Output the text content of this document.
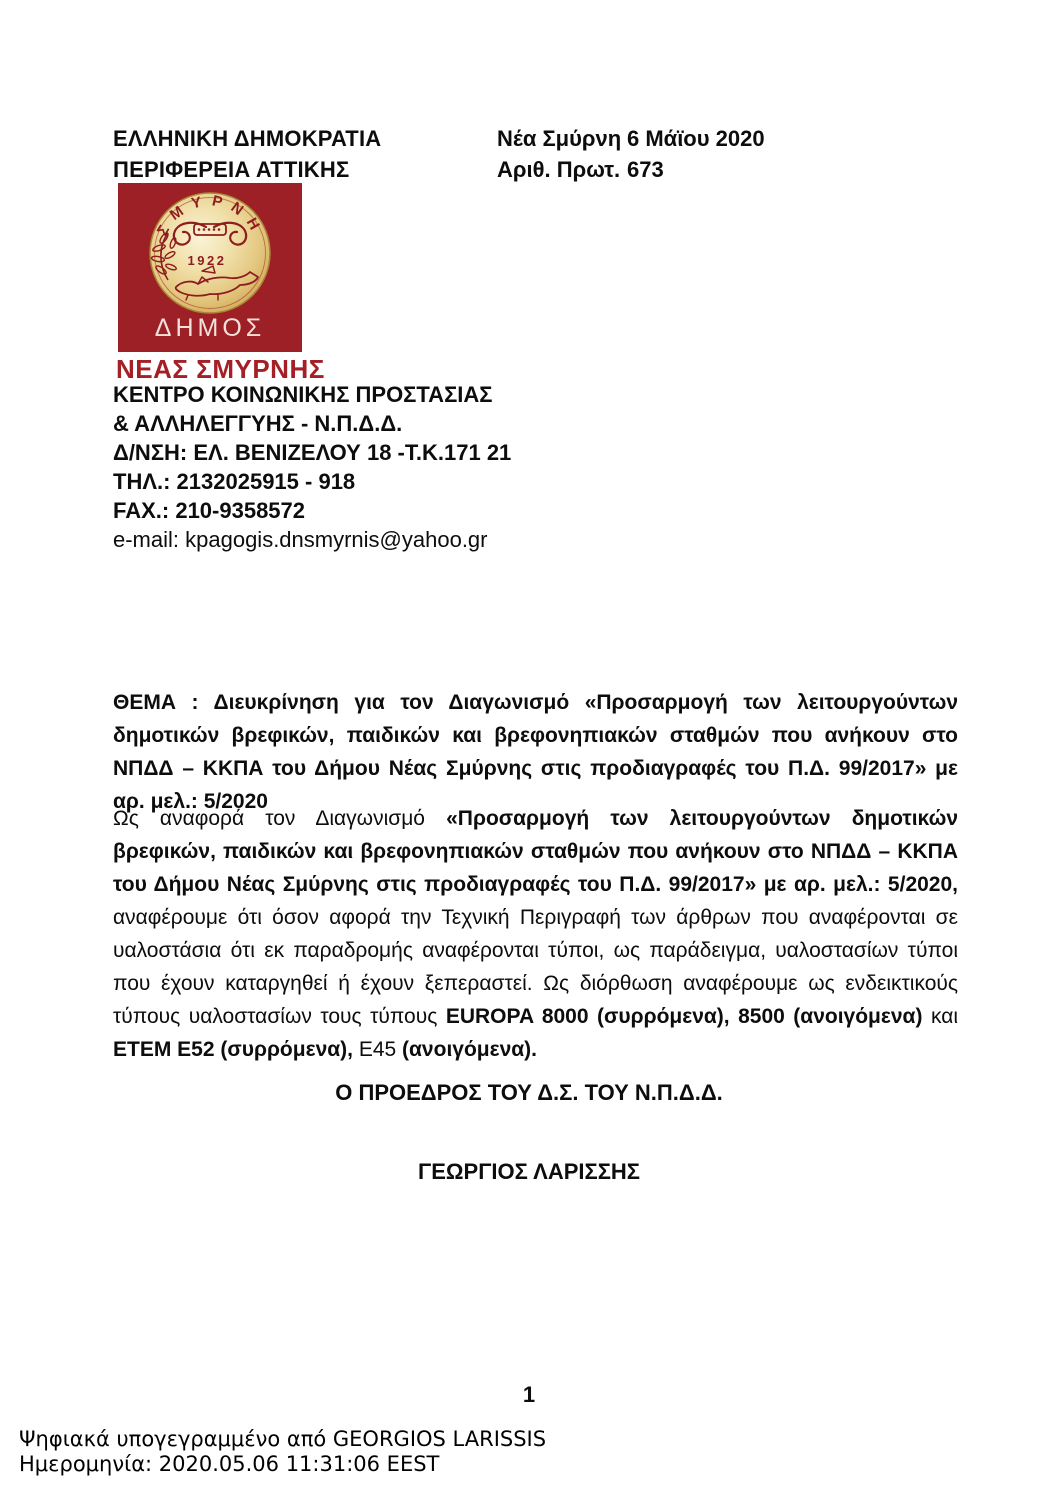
ΕΛΛΗΝΙΚΗ ΔΗΜΟΚΡΑΤΙΑ
ΠΕΡΙΦΕΡΕΙΑ ΑΤΤΙΚΗΣ
Νέα Σμύρνη 6 Μάϊου 2020
Αριθ. Πρωτ. 673
ΣΜΥΡΝΗ
1922
ΔΗΜΟΣ
ΝΕΑΣ ΣΜΥΡΝΗΣ
ΚΕΝΤΡΟ ΚΟΙΝΩΝΙΚΗΣ ΠΡΟΣΤΑΣΙΑΣ
& ΑΛΛΗΛΕΓΓΥΗΣ - Ν.Π.Δ.Δ.
Δ/ΝΣΗ: ΕΛ. ΒΕΝΙΖΕΛΟΥ 18 -Τ.Κ.171 21
ΤΗΛ.: 2132025915 - 918
FAX.: 210-9358572
e-mail: kpagogis.dnsmyrnis@yahoo.gr

ΘΕΜΑ : Διευκρίνηση για τον Διαγωνισμό «Προσαρμογή των λειτουργούντων δημοτικών βρεφικών, παιδικών και βρεφονηπιακών σταθμών που ανήκουν στο ΝΠΔΔ – ΚΚΠΑ του Δήμου Νέας Σμύρνης στις προδιαγραφές του Π.Δ. 99/2017» με αρ. μελ.: 5/2020

Ως αναφορά τον Διαγωνισμό «Προσαρμογή των λειτουργούντων δημοτικών βρεφικών, παιδικών και βρεφονηπιακών σταθμών που ανήκουν στο ΝΠΔΔ – ΚΚΠΑ του Δήμου Νέας Σμύρνης στις προδιαγραφές του Π.Δ. 99/2017» με αρ. μελ.: 5/2020, αναφέρουμε ότι όσον αφορά την Τεχνική Περιγραφή των άρθρων που αναφέρονται σε υαλοστάσια ότι εκ παραδρομής αναφέρονται τύποι, ως παράδειγμα, υαλοστασίων τύποι που έχουν καταργηθεί ή έχουν ξεπεραστεί. Ως διόρθωση αναφέρουμε ως ενδεικτικούς τύπους υαλοστασίων τους τύπους EUROPA 8000 (συρρόμενα), 8500 (ανοιγόμενα) και ΕΤΕΜ Ε52 (συρρόμενα), Ε45 (ανοιγόμενα).

Ο ΠΡΟΕΔΡΟΣ ΤΟΥ Δ.Σ. ΤΟΥ Ν.Π.Δ.Δ.
ΓΕΩΡΓΙΟΣ ΛΑΡΙΣΣΗΣ
1
Ψηφιακά υπογεγραμμένο από GEORGIOS LARISSIS
Ημερομηνία: 2020.05.06 11:31:06 EEST
